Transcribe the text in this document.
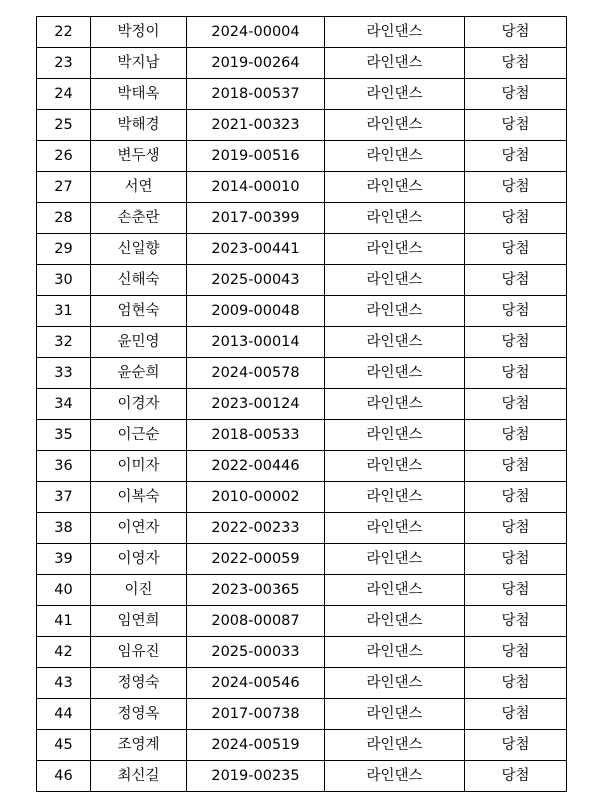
22	박정이	2024-00004	라인댄스	당첨
23	박지남	2019-00264	라인댄스	당첨
24	박태옥	2018-00537	라인댄스	당첨
25	박해경	2021-00323	라인댄스	당첨
26	변두생	2019-00516	라인댄스	당첨
27	서연	2014-00010	라인댄스	당첨
28	손춘란	2017-00399	라인댄스	당첨
29	신일향	2023-00441	라인댄스	당첨
30	신해숙	2025-00043	라인댄스	당첨
31	엄현숙	2009-00048	라인댄스	당첨
32	윤민영	2013-00014	라인댄스	당첨
33	윤순희	2024-00578	라인댄스	당첨
34	이경자	2023-00124	라인댄스	당첨
35	이근순	2018-00533	라인댄스	당첨
36	이미자	2022-00446	라인댄스	당첨
37	이복숙	2010-00002	라인댄스	당첨
38	이연자	2022-00233	라인댄스	당첨
39	이영자	2022-00059	라인댄스	당첨
40	이진	2023-00365	라인댄스	당첨
41	임연희	2008-00087	라인댄스	당첨
42	임유진	2025-00033	라인댄스	당첨
43	정영숙	2024-00546	라인댄스	당첨
44	정영옥	2017-00738	라인댄스	당첨
45	조영계	2024-00519	라인댄스	당첨
46	최신길	2019-00235	라인댄스	당첨
